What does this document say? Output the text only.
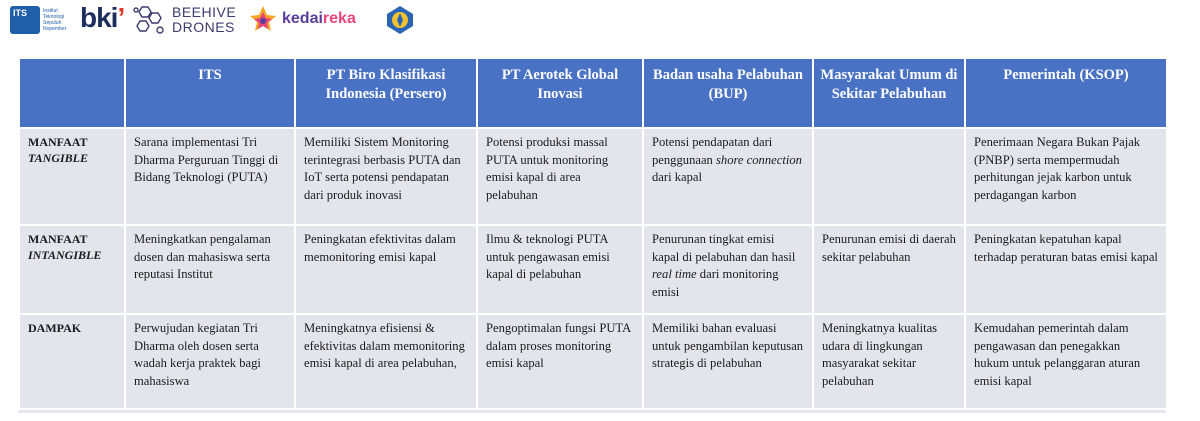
ITS	Institut Teknologi Sepuluh Nopember bki ’	BEEHIVE
DRONES	kedaireka
	ITS	PT Biro Klasifikasi Indonesia (Persero)	PT Aerotek Global Inovasi	Badan usaha Pelabuhan (BUP)	Masyarakat Umum di Sekitar Pelabuhan	Pemerintah (KSOP)

MANFAAT
TANGIBLE	Sarana implementasi Tri Dharma Perguruan Tinggi di Bidang Teknologi (PUTA)	Memiliki Sistem Monitoring terintegrasi berbasis PUTA dan IoT serta potensi pendapatan dari produk inovasi	Potensi produksi massal PUTA untuk monitoring emisi kapal di area pelabuhan	Potensi pendapatan dari penggunaan shore connection dari kapal		Penerimaan Negara Bukan Pajak (PNBP) serta mempermudah perhitungan jejak karbon untuk perdagangan karbon

MANFAAT
INTANGIBLE	Meningkatkan pengalaman dosen dan mahasiswa serta reputasi Institut	Peningkatan efektivitas dalam memonitoring emisi kapal	Ilmu & teknologi PUTA untuk pengawasan emisi kapal di pelabuhan	Penurunan tingkat emisi kapal di pelabuhan dan hasil real time dari monitoring emisi	Penurunan emisi di daerah sekitar pelabuhan	Peningkatan kepatuhan kapal terhadap peraturan batas emisi kapal

DAMPAK	Perwujudan kegiatan Tri Dharma oleh dosen serta wadah kerja praktek bagi mahasiswa	Meningkatnya efisiensi & efektivitas dalam memonitoring emisi kapal di area pelabuhan,	Pengoptimalan fungsi PUTA dalam proses monitoring emisi kapal	Memiliki bahan evaluasi untuk pengambilan keputusan strategis di pelabuhan	Meningkatnya kualitas udara di lingkungan masyarakat sekitar pelabuhan	Kemudahan pemerintah dalam pengawasan dan penegakkan hukum untuk pelanggaran aturan emisi kapal
